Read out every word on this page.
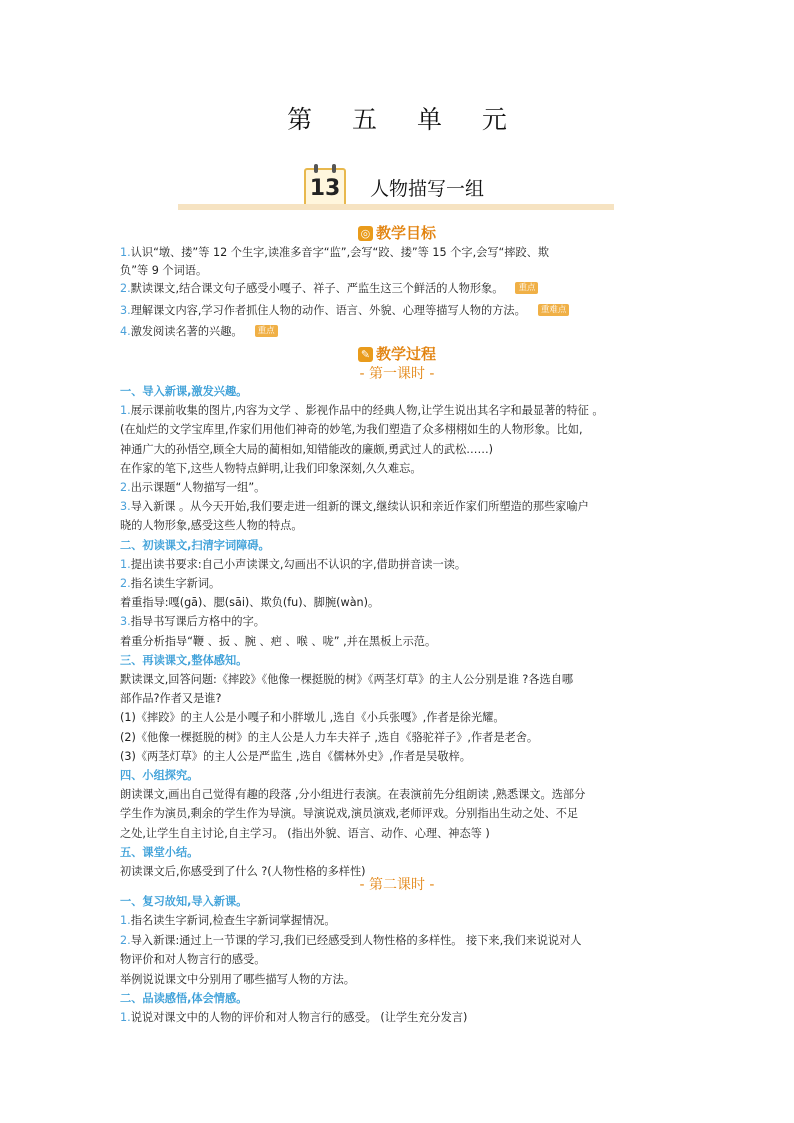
第 五 单 元
13 人物描写一组
◎ 教学目标
1.认识“墩、搂”等 12 个生字,读准多音字“监”,会写“跤、搂”等 15 个字,会写“摔跤、欺
负”等 9 个词语。
2.默读课文,结合课文句子感受小嘎子、祥子、严监生这三个鲜活的人物形象。 重点
3.理解课文内容,学习作者抓住人物的动作、语言、外貌、心理等描写人物的方法。 重难点
4.激发阅读名著的兴趣。 重点
✎ 教学过程
- 第一课时 -
一、导入新课,激发兴趣。
1.展示课前收集的图片,内容为文学 、影视作品中的经典人物,让学生说出其名字和最显著的特征 。
(在灿烂的文学宝库里,作家们用他们神奇的妙笔,为我们塑造了众多栩栩如生的人物形象。比如,
神通广大的孙悟空,顾全大局的蔺相如,知错能改的廉颇,勇武过人的武松……)
在作家的笔下,这些人物特点鲜明,让我们印象深刻,久久难忘。
2.出示课题“人物描写一组”。
3.导入新课 。从今天开始,我们要走进一组新的课文,继续认识和亲近作家们所塑造的那些家喻户
晓的人物形象,感受这些人物的特点。
二、初读课文,扫清字词障碍。
1.提出读书要求:自己小声读课文,勾画出不认识的字,借助拼音读一读。
2.指名读生字新词。
着重指导:嘎(gā)、腮(sāi)、欺负(fu)、脚腕(wàn)。
3.指导书写课后方格中的字。
着重分析指导“鞭 、扳 、腕 、疤 、喉 、咙” ,并在黑板上示范。
三、再读课文,整体感知。
默读课文,回答问题:《摔跤》《他像一棵挺脱的树》《两茎灯草》的主人公分别是谁 ?各选自哪
部作品?作者又是谁?
(1)《摔跤》的主人公是小嘎子和小胖墩儿 ,选自《小兵张嘎》,作者是徐光耀。
(2)《他像一棵挺脱的树》的主人公是人力车夫祥子 ,选自《骆驼祥子》,作者是老舍。
(3)《两茎灯草》的主人公是严监生 ,选自《儒林外史》,作者是吴敬梓。
四、小组探究。
朗读课文,画出自己觉得有趣的段落 ,分小组进行表演。在表演前先分组朗读 ,熟悉课文。选部分
学生作为演员,剩余的学生作为导演。导演说戏,演员演戏,老师评戏。分别指出生动之处、不足
之处,让学生自主讨论,自主学习。 (指出外貌、语言、动作、心理、神态等 )
五、课堂小结。
初读课文后,你感受到了什么 ?(人物性格的多样性)
- 第二课时 -
一、复习故知,导入新课。
1.指名读生字新词,检查生字新词掌握情况。
2.导入新课:通过上一节课的学习,我们已经感受到人物性格的多样性。 接下来,我们来说说对人
物评价和对人物言行的感受。
举例说说课文中分别用了哪些描写人物的方法。
二、品读感悟,体会情感。
1.说说对课文中的人物的评价和对人物言行的感受。 (让学生充分发言)
